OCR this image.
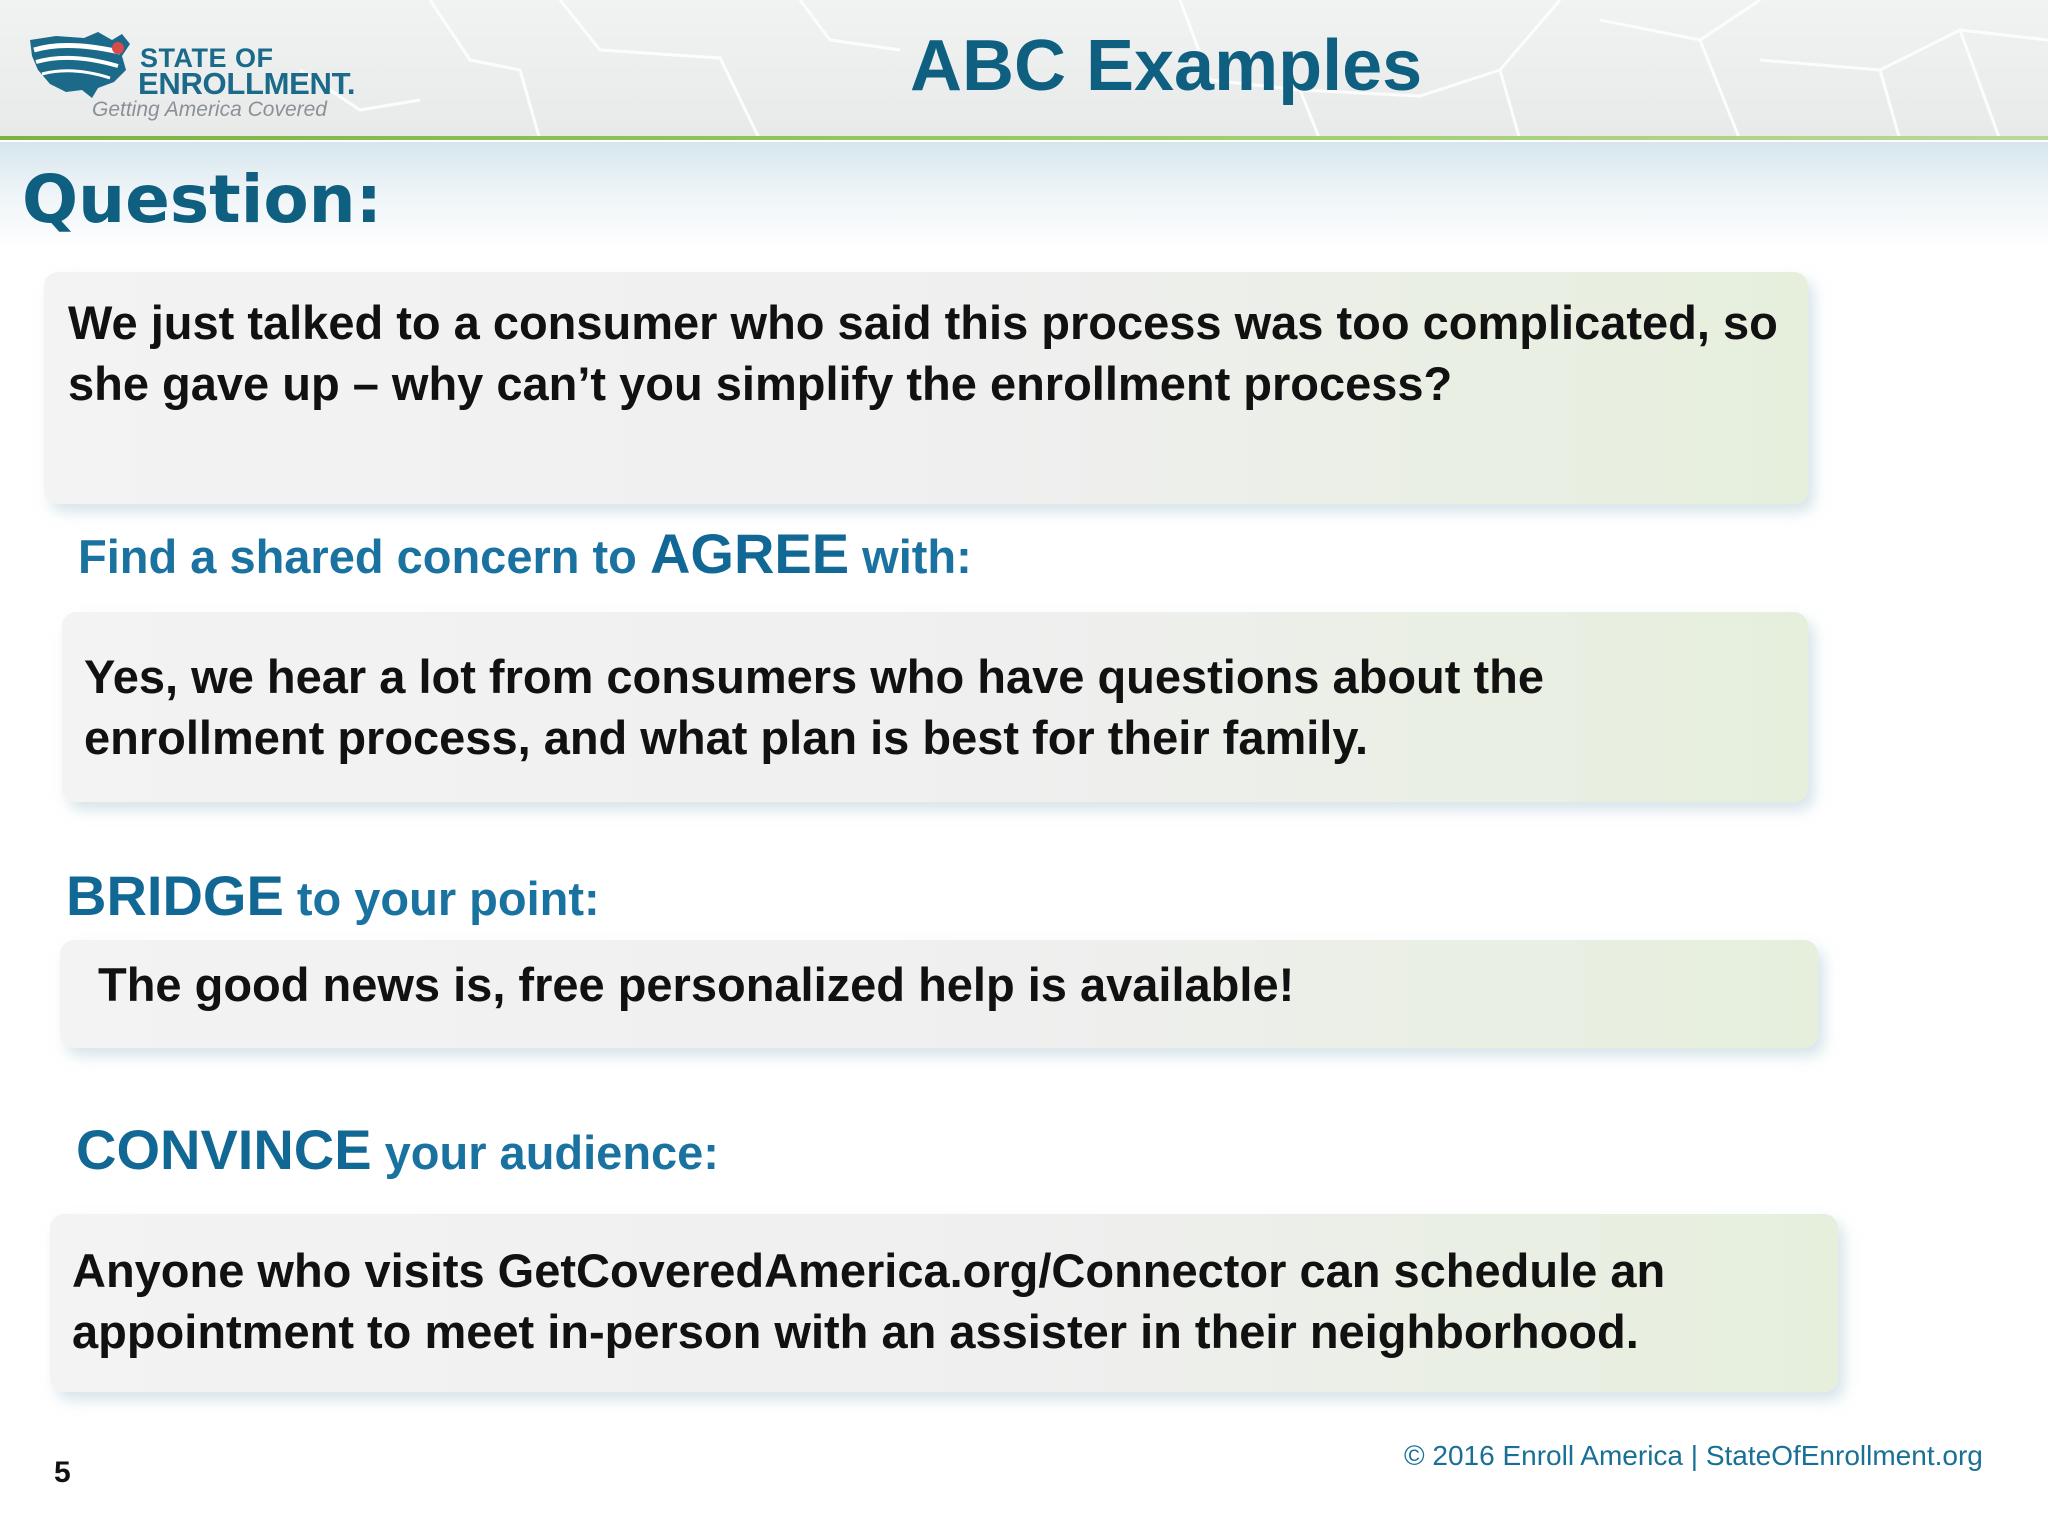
STATE OF
ENROLLMENT.
Getting America Covered
ABC Examples
Question:
We just talked to a consumer who said this process was too complicated, so she gave up – why can’t you simplify the enrollment process?
Find a shared concern to AGREE with:
Yes, we hear a lot from consumers who have questions about the enrollment process, and what plan is best for their family.
BRIDGE to your point:
The good news is, free personalized help is available!
CONVINCE your audience:
Anyone who visits GetCoveredAmerica.org/Connector can schedule an appointment to meet in-person with an assister in their neighborhood.
5
© 2016 Enroll America | StateOfEnrollment.org
